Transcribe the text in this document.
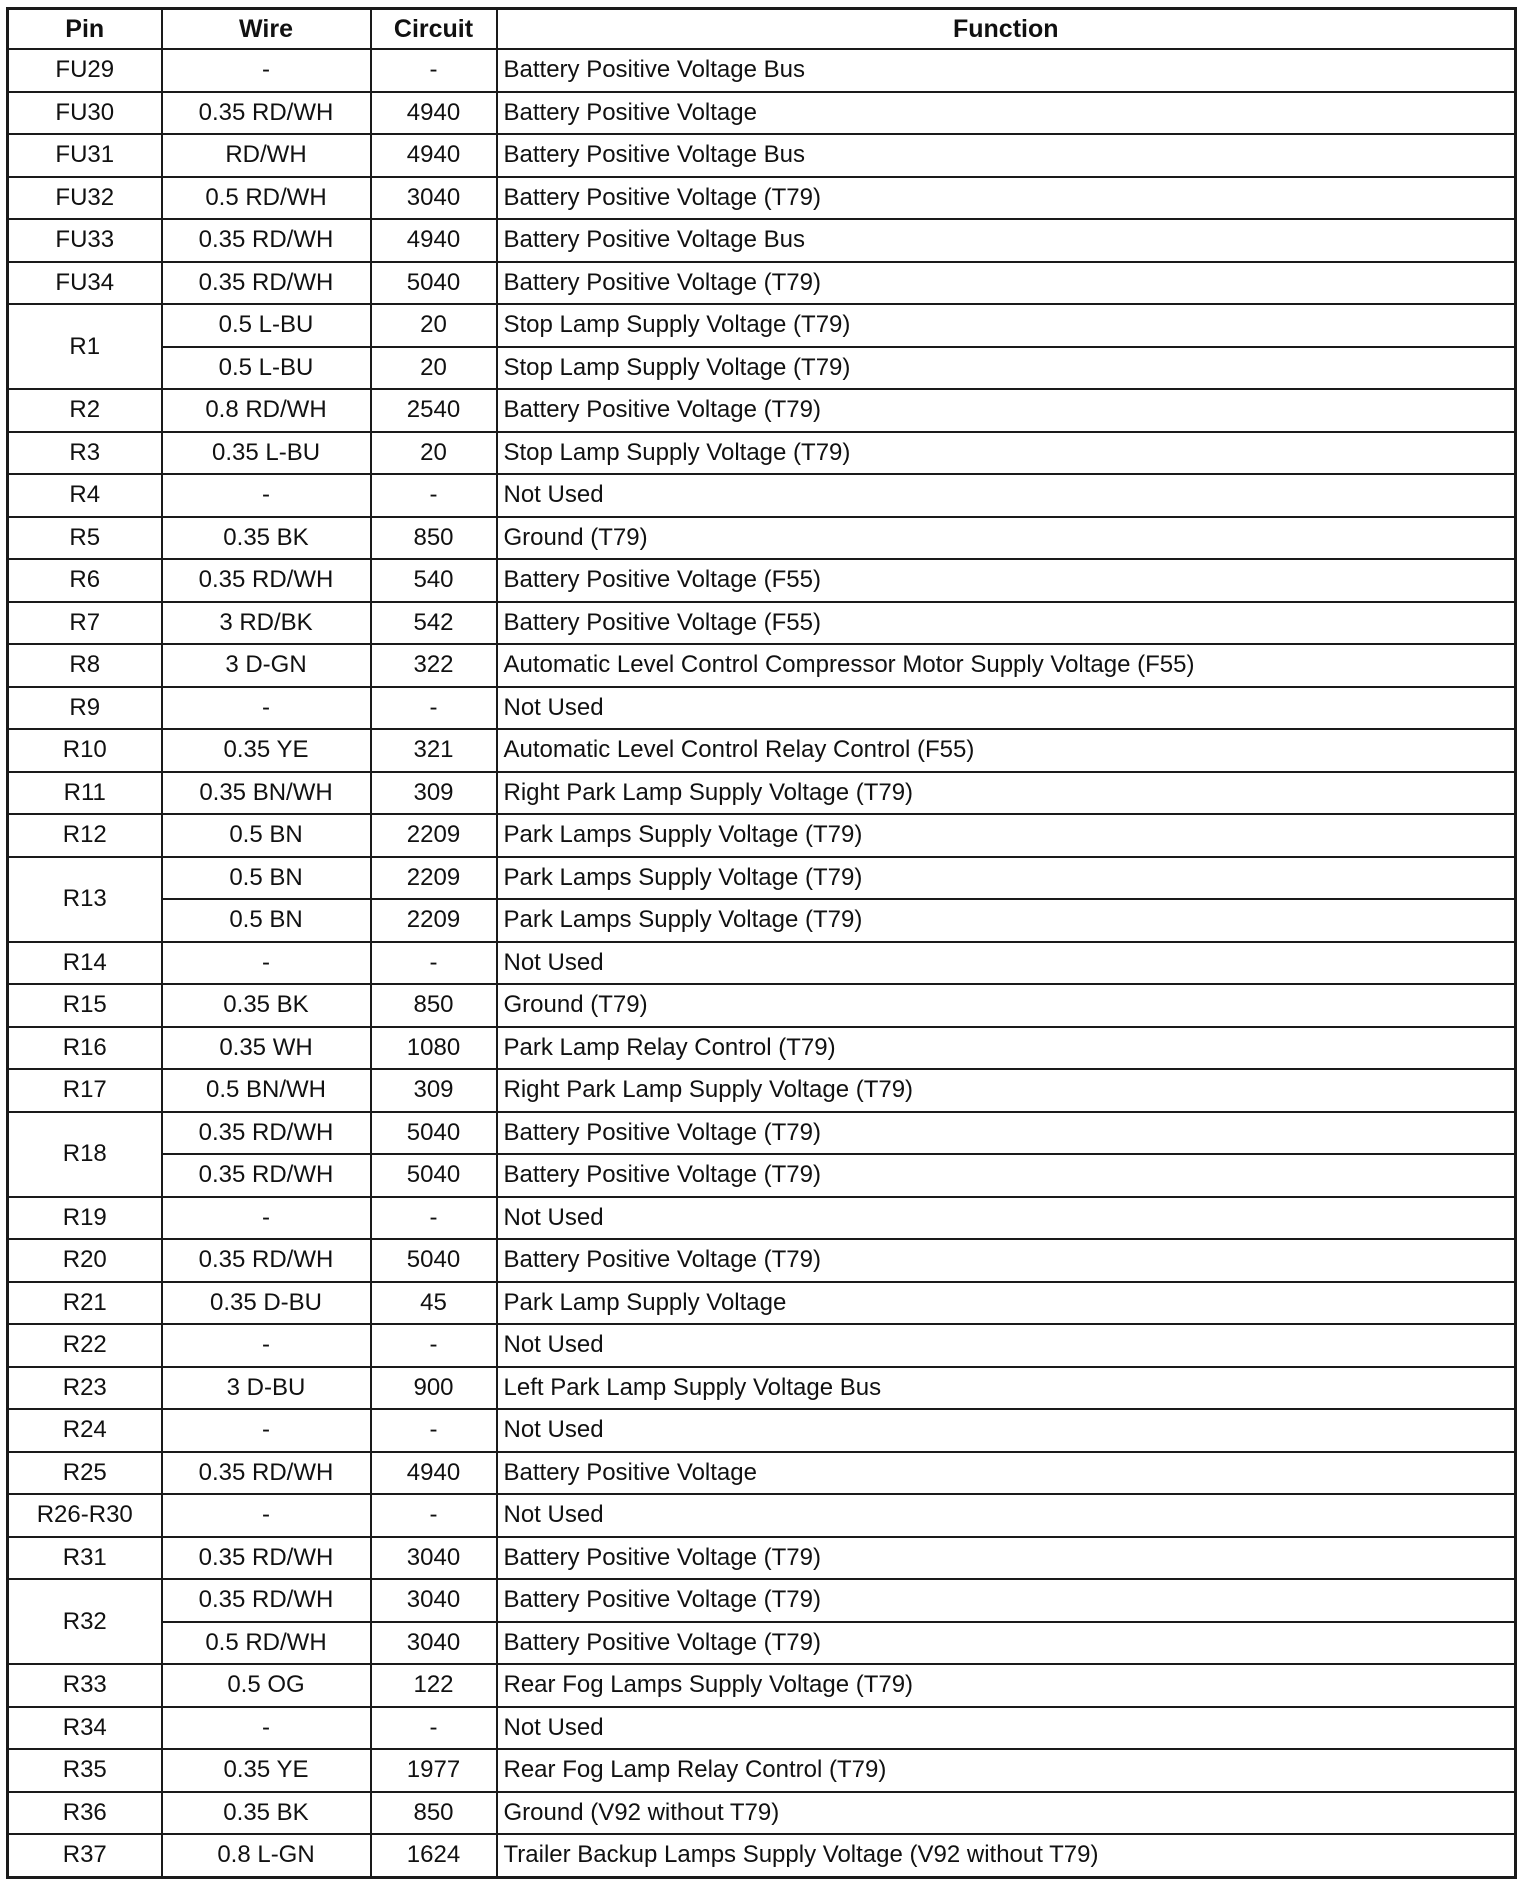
Pin	Wire	Circuit	Function
FU29	-	-	Battery Positive Voltage Bus
FU30	0.35 RD/WH	4940	Battery Positive Voltage
FU31	RD/WH	4940	Battery Positive Voltage Bus
FU32	0.5 RD/WH	3040	Battery Positive Voltage (T79)
FU33	0.35 RD/WH	4940	Battery Positive Voltage Bus
FU34	0.35 RD/WH	5040	Battery Positive Voltage (T79)
R1	0.5 L-BU	20	Stop Lamp Supply Voltage (T79)
	0.5 L-BU	20	Stop Lamp Supply Voltage (T79)
R2	0.8 RD/WH	2540	Battery Positive Voltage (T79)
R3	0.35 L-BU	20	Stop Lamp Supply Voltage (T79)
R4	-	-	Not Used
R5	0.35 BK	850	Ground (T79)
R6	0.35 RD/WH	540	Battery Positive Voltage (F55)
R7	3 RD/BK	542	Battery Positive Voltage (F55)
R8	3 D-GN	322	Automatic Level Control Compressor Motor Supply Voltage (F55)
R9	-	-	Not Used
R10	0.35 YE	321	Automatic Level Control Relay Control (F55)
R11	0.35 BN/WH	309	Right Park Lamp Supply Voltage (T79)
R12	0.5 BN	2209	Park Lamps Supply Voltage (T79)
R13	0.5 BN	2209	Park Lamps Supply Voltage (T79)
	0.5 BN	2209	Park Lamps Supply Voltage (T79)
R14	-	-	Not Used
R15	0.35 BK	850	Ground (T79)
R16	0.35 WH	1080	Park Lamp Relay Control (T79)
R17	0.5 BN/WH	309	Right Park Lamp Supply Voltage (T79)
R18	0.35 RD/WH	5040	Battery Positive Voltage (T79)
	0.35 RD/WH	5040	Battery Positive Voltage (T79)
R19	-	-	Not Used
R20	0.35 RD/WH	5040	Battery Positive Voltage (T79)
R21	0.35 D-BU	45	Park Lamp Supply Voltage
R22	-	-	Not Used
R23	3 D-BU	900	Left Park Lamp Supply Voltage Bus
R24	-	-	Not Used
R25	0.35 RD/WH	4940	Battery Positive Voltage
R26-R30	-	-	Not Used
R31	0.35 RD/WH	3040	Battery Positive Voltage (T79)
R32	0.35 RD/WH	3040	Battery Positive Voltage (T79)
	0.5 RD/WH	3040	Battery Positive Voltage (T79)
R33	0.5 OG	122	Rear Fog Lamps Supply Voltage (T79)
R34	-	-	Not Used
R35	0.35 YE	1977	Rear Fog Lamp Relay Control (T79)
R36	0.35 BK	850	Ground (V92 without T79)
R37	0.8 L-GN	1624	Trailer Backup Lamps Supply Voltage (V92 without T79)
